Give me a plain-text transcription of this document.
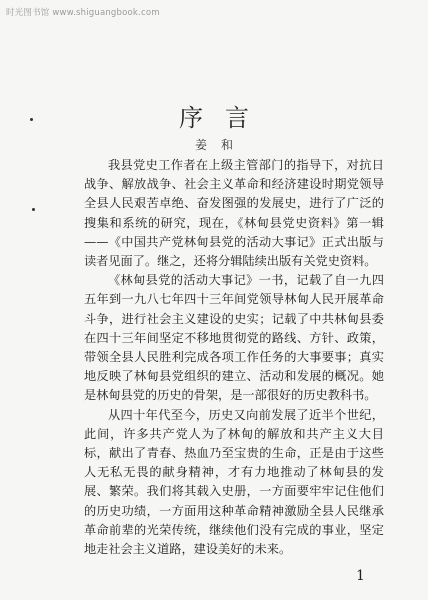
时光图书馆 www.shiguangbook.com
序言
姜和

我县党史工作者在上级主管部门的指导下，对抗日战争、解放战争、社会主义革命和经济建设时期党领导全县人民艰苦卓绝、奋发图强的发展史，进行了广泛的搜集和系统的研究，现在，《林甸县党史资料》第一辑——《中国共产党林甸县党的活动大事记》正式出版与读者见面了。继之，还将分辑陆续出版有关党史资料。

《林甸县党的活动大事记》一书，记载了自一九四五年到一九八七年四十三年间党领导林甸人民开展革命斗争，进行社会主义建设的史实；记载了中共林甸县委在四十三年间坚定不移地贯彻党的路线、方针、政策，带领全县人民胜利完成各项工作任务的大事要事；真实地反映了林甸县党组织的建立、活动和发展的概况。她是林甸县党的历史的骨架，是一部很好的历史教科书。

从四十年代至今，历史又向前发展了近半个世纪，此间，许多共产党人为了林甸的解放和共产主义大目标，献出了青春、热血乃至宝贵的生命，正是由于这些人无私无畏的献身精神，才有力地推动了林甸县的发展、繁荣。我们将其载入史册，一方面要牢牢记住他们的历史功绩，一方面用这种革命精神激励全县人民继承革命前辈的光荣传统，继续他们没有完成的事业，坚定地走社会主义道路，建设美好的未来。

1
